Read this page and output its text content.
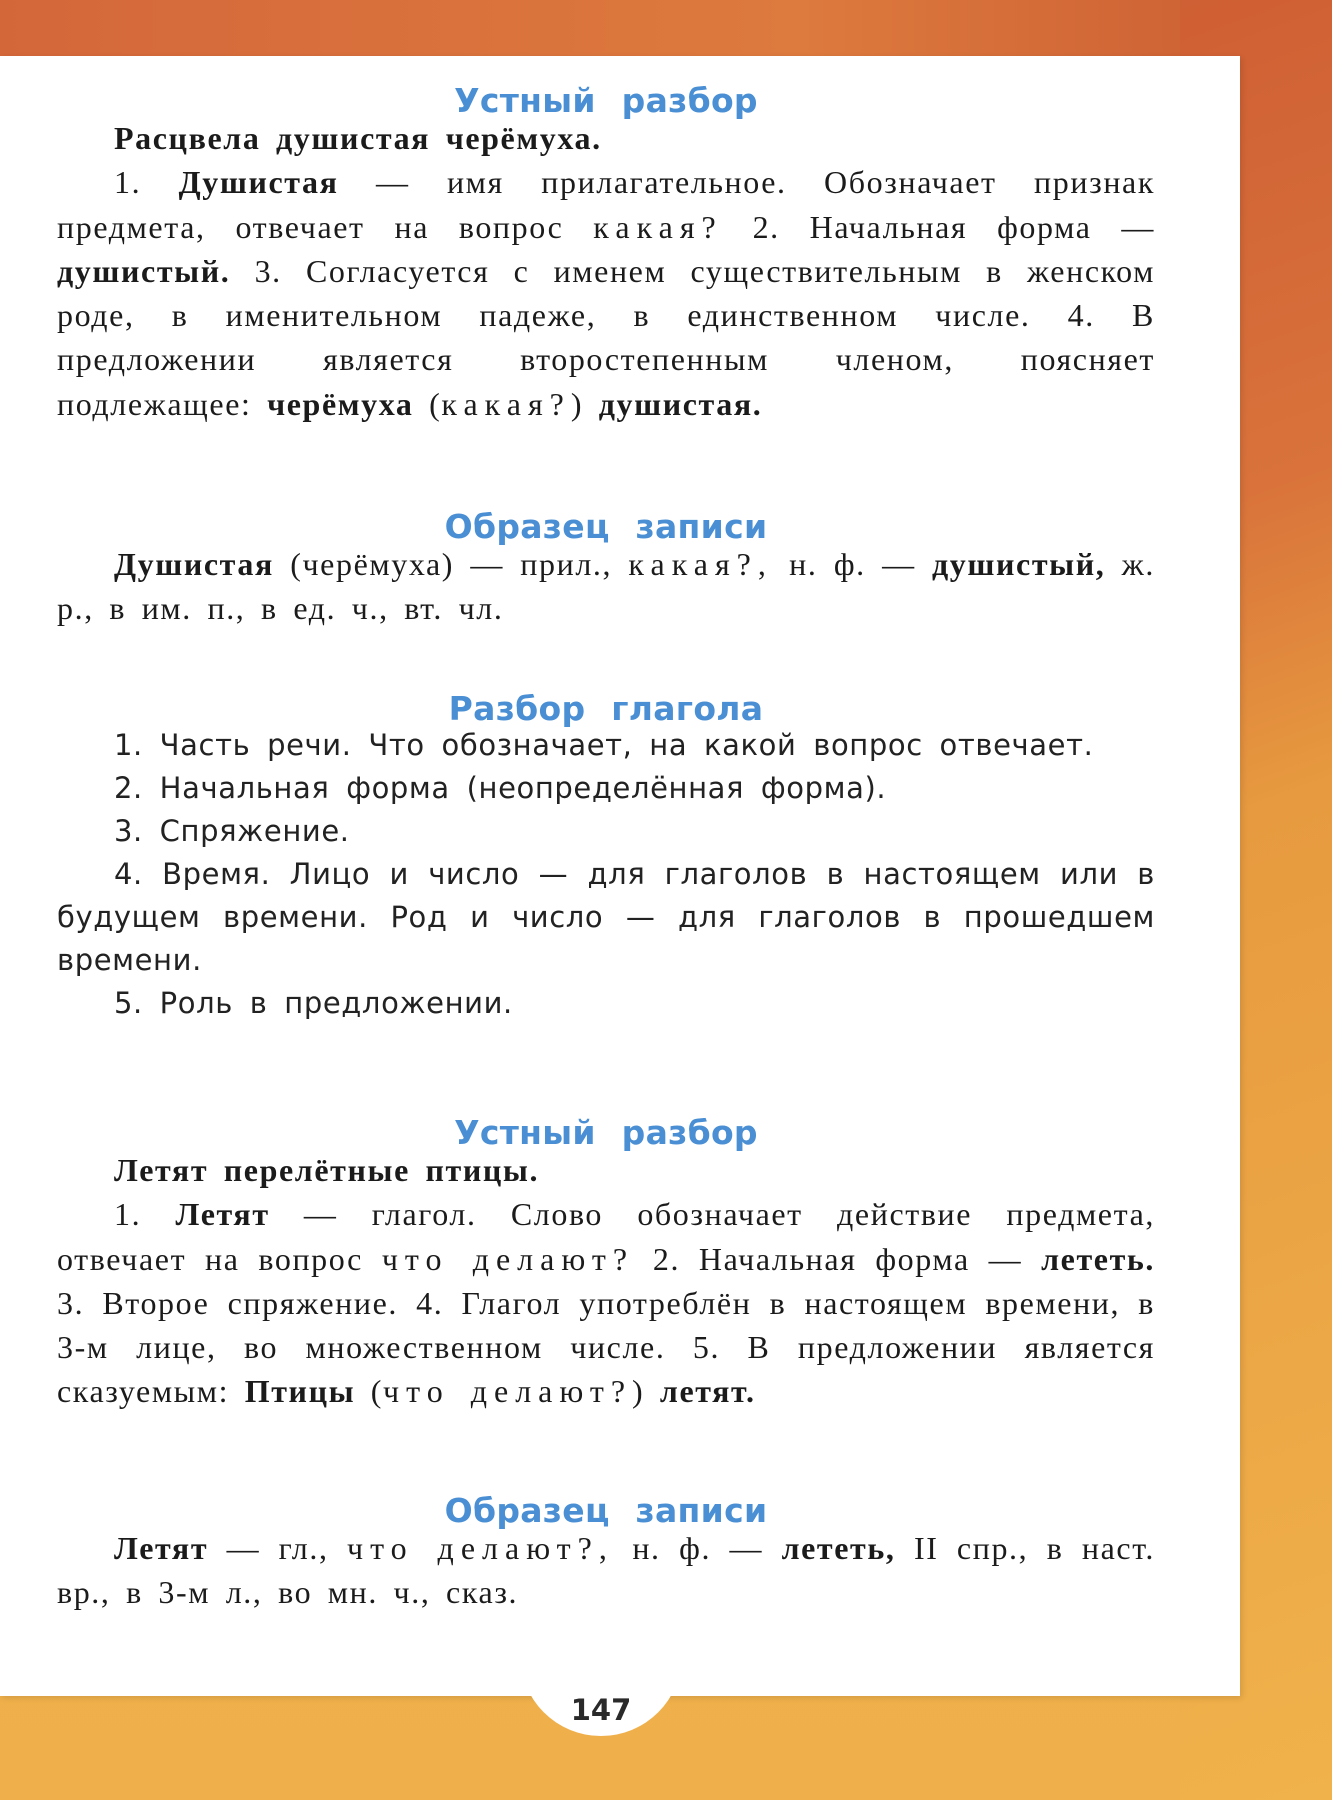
Устный разбор

Расцвела душистая черёмуха.

1. Душистая — имя прилагательное. Обозначает признак предмета, отвечает на вопрос какая? 2. Начальная форма — душистый. 3. Согласуется с именем существительным в женском роде, в именительном падеже, в единственном числе. 4. В предложении является второстепенным членом, поясняет подлежащее: черёмуха (какая?) душистая.

Образец записи

Душистая (черёмуха) — прил., какая?, н. ф. — душистый, ж. р., в им. п., в ед. ч., вт. чл.

Разбор глагола

1. Часть речи. Что обозначает, на какой вопрос отвечает.

2. Начальная форма (неопределённая форма).

3. Спряжение.

4. Время. Лицо и число — для глаголов в настоящем или в будущем времени. Род и число — для глаголов в прошедшем времени.

5. Роль в предложении.

Устный разбор

Летят перелётные птицы.

1. Летят — глагол. Слово обозначает действие предмета, отвечает на вопрос что делают? 2. Начальная форма — лететь. 3. Второе спряжение. 4. Глагол употреблён в настоящем времени, в 3-м лице, во множественном числе. 5. В предложении является сказуемым: Птицы (что делают?) летят.

Образец записи

Летят — гл., что делают?, н. ф. — лететь, II спр., в наст. вр., в 3-м л., во мн. ч., сказ.

147
